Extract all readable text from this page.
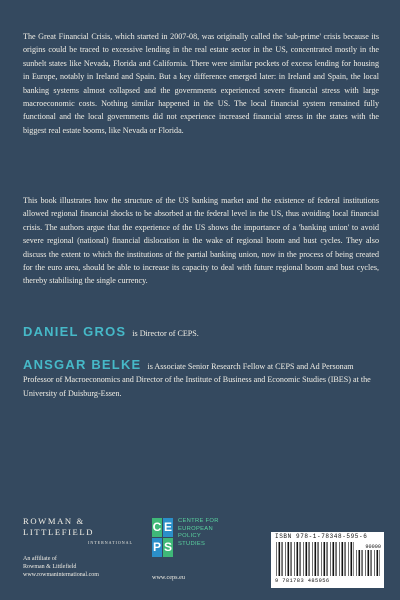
The Great Financial Crisis, which started in 2007-08, was originally called the 'sub-prime' crisis because its origins could be traced to excessive lending in the real estate sector in the US, concentrated mostly in the sunbelt states like Nevada, Florida and California. There were similar pockets of excess lending for housing in Europe, notably in Ireland and Spain. But a key difference emerged later: in Ireland and Spain, the local banking systems almost collapsed and the governments experienced severe financial stress with large macroeconomic costs. Nothing similar happened in the US. The local financial system remained fully functional and the local governments did not experience increased financial stress in the states with the biggest real estate booms, like Nevada or Florida.

This book illustrates how the structure of the US banking market and the existence of federal institutions allowed regional financial shocks to be absorbed at the federal level in the US, thus avoiding local financial crisis. The authors argue that the experience of the US shows the importance of a 'banking union' to avoid severe regional (national) financial dislocation in the wake of regional boom and bust cycles. They also discuss the extent to which the institutions of the partial banking union, now in the process of being created for the euro area, should be able to increase its capacity to deal with future regional boom and bust cycles, thereby stabilising the single currency.

DANIEL GROS is Director of CEPS.

ANSGAR BELKE is Associate Senior Research Fellow at CEPS and Ad Personam Professor of Macroeconomics and Director of the Institute of Business and Economic Studies (IBES) at the University of Duisburg-Essen.

ROWMAN &
LITTLEFIELD
INTERNATIONAL
An affiliate of
Rowman & Littlefield
www.rowmaninternational.com
C E
P S
CENTRE FOR
EUROPEAN
POLICY
STUDIES
www.ceps.eu
ISBN 978-1-78348-595-6
90000
9 781783 485956
